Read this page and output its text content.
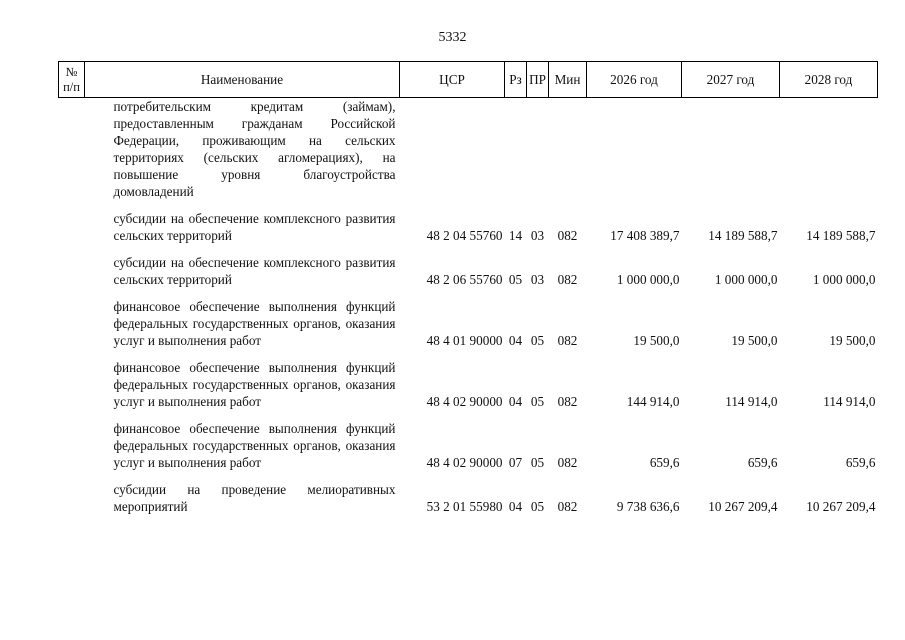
5332
№ п/п	Наименование	ЦСР	Рз	ПР	Мин	2026 год	2027 год	2028 год
	потребительским кредитам (займам), предоставленным гражданам Российской Федерации, проживающим на сельских территориях (сельских агломерациях), на повышение уровня благоустройства домовладений							

	субсидии на обеспечение комплексного развития сельских территорий	48 2 04 55760	14	03	082	17 408 389,7	14 189 588,7	14 189 588,7

	субсидии на обеспечение комплексного развития сельских территорий	48 2 06 55760	05	03	082	1 000 000,0	1 000 000,0	1 000 000,0

	финансовое обеспечение выполнения функций федеральных государственных органов, оказания услуг и выполнения работ	48 4 01 90000	04	05	082	19 500,0	19 500,0	19 500,0

	финансовое обеспечение выполнения функций федеральных государственных органов, оказания услуг и выполнения работ	48 4 02 90000	04	05	082	144 914,0	114 914,0	114 914,0

	финансовое обеспечение выполнения функций федеральных государственных органов, оказания услуг и выполнения работ	48 4 02 90000	07	05	082	659,6	659,6	659,6

	субсидии на проведение мелиоративных мероприятий	53 2 01 55980	04	05	082	9 738 636,6	10 267 209,4	10 267 209,4
